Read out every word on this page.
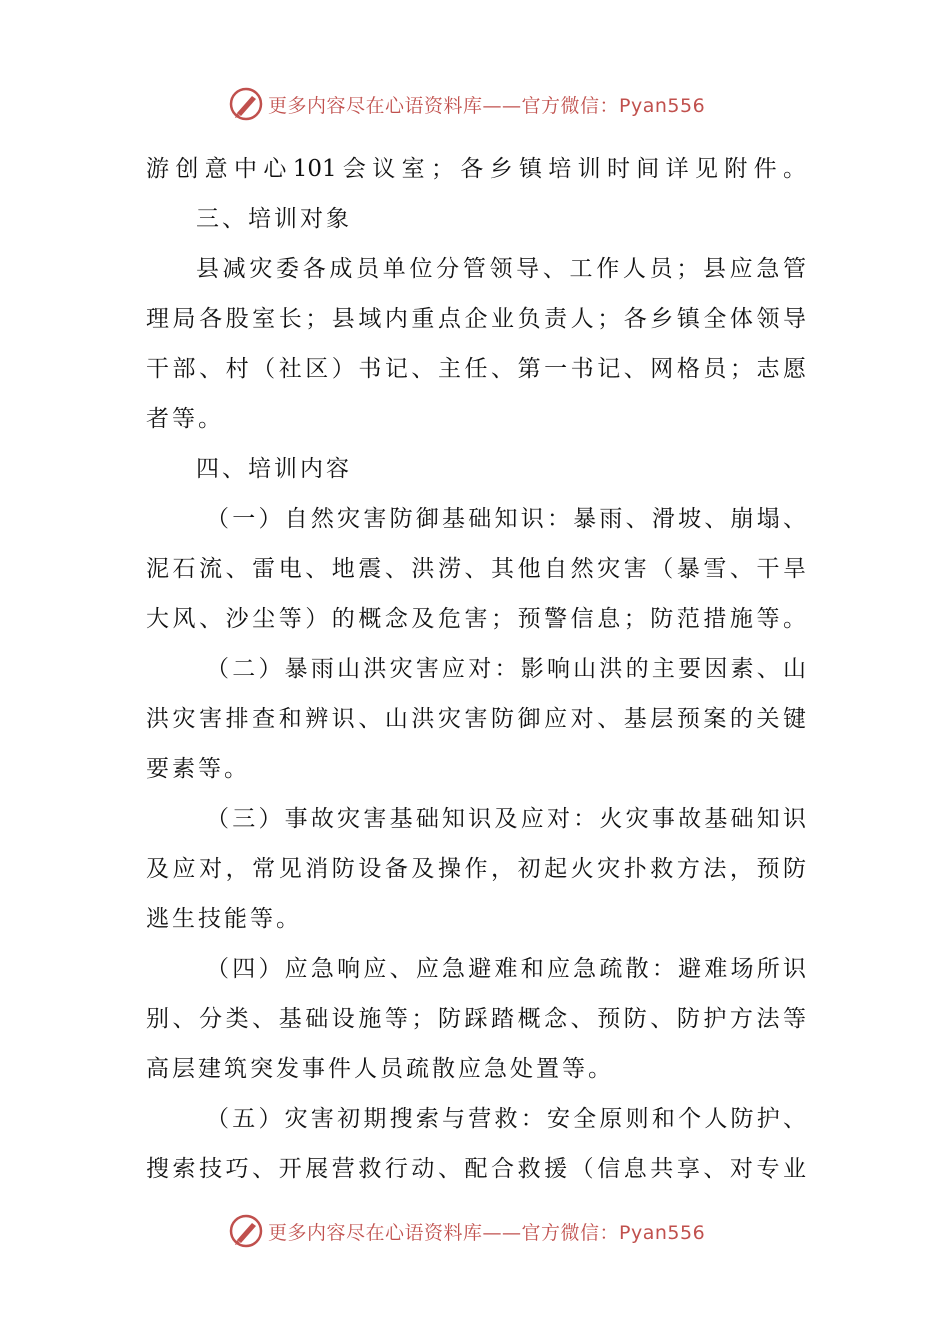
更多内容尽在心语资料库——官方微信：Pyan556
游创意中心101会议室；各乡镇培训时间详见附件。
三、培训对象
县减灾委各成员单位分管领导、工作人员；县应急管
理局各股室长；县域内重点企业负责人；各乡镇全体领导
干部、村（社区）书记、主任、第一书记、网格员；志愿
者等。
四、培训内容
（一）自然灾害防御基础知识：暴雨、滑坡、崩塌、
泥石流、雷电、地震、洪涝、其他自然灾害（暴雪、干旱
大风、沙尘等）的概念及危害；预警信息；防范措施等。
（二）暴雨山洪灾害应对：影响山洪的主要因素、山
洪灾害排查和辨识、山洪灾害防御应对、基层预案的关键
要素等。
（三）事故灾害基础知识及应对：火灾事故基础知识
及应对，常见消防设备及操作，初起火灾扑救方法，预防
逃生技能等。
（四）应急响应、应急避难和应急疏散：避难场所识
别、分类、基础设施等；防踩踏概念、预防、防护方法等
高层建筑突发事件人员疏散应急处置等。
（五）灾害初期搜索与营救：安全原则和个人防护、
搜索技巧、开展营救行动、配合救援（信息共享、对专业
更多内容尽在心语资料库——官方微信：Pyan556
